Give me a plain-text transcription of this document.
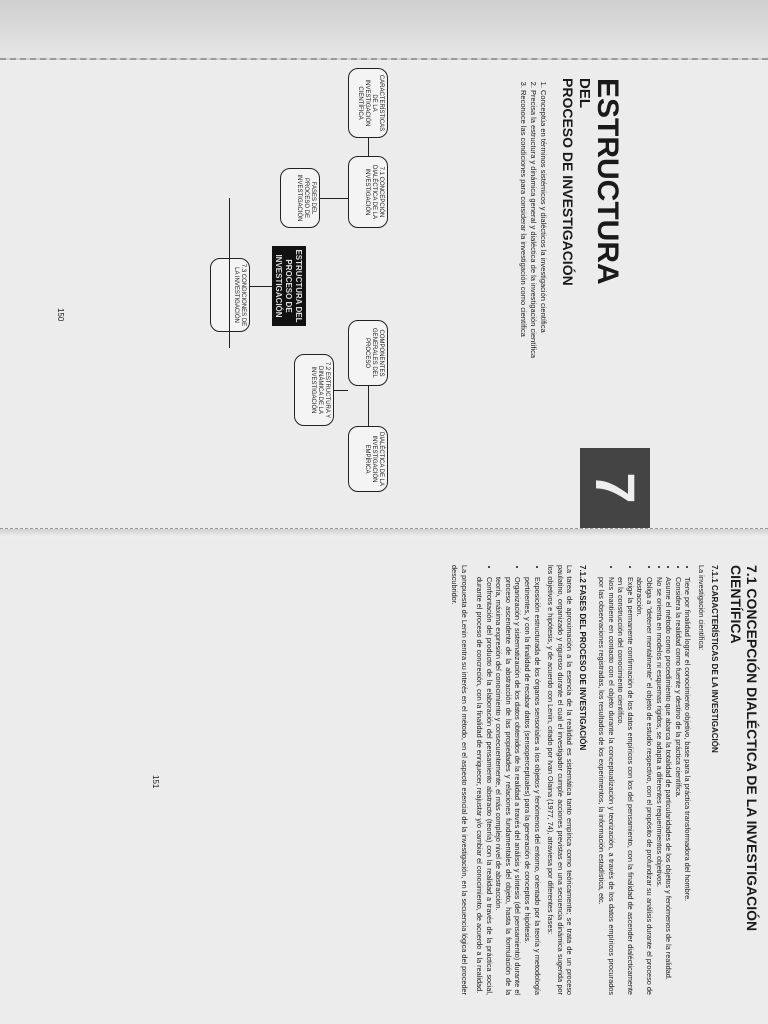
7
ESTRUCTURA
DEL
PROCESO DE INVESTIGACIÓN
1. Conceptúa en términos sistémicos y dialécticos la investigación científica
2. Precisa la estructura y dinámica general y dialéctica de la investigación científica
3. Reconoce las condiciones para considerar la investigación como científica
CARACTERÍSTICAS DE LA INVESTIGACIÓN CIENTÍFICA
7.1 CONCEPCIÓN DIALÉCTICA DE LA INVESTIGACIÓN
FASES DEL PROCESO DE INVESTIGACIÓN
ESTRUCTURA DEL PROCESO DE INVESTIGACIÓN
7.3 CONDICIONES DE LA INVESTIGACIÓN
COMPONENTES GENERALES DEL PROCESO
7.2 ESTRUCTURA Y DINÁMICA DE LA INVESTIGACIÓN
DIALÉCTICA DE LA INVESTIGACIÓN EMPÍRICA
150
7.1 CONCEPCIÓN DIALÉCTICA DE LA INVESTIGACIÓN CIENTÍFICA
7.1.1 CARACTERÍSTICAS DE LA INVESTIGACIÓN

La investigación científica:

• Tiene por finalidad lograr el conocimiento objetivo, base para la práctica transformadora del hombre.
• Considera la realidad como fuente y destino de la práctica científica.
• Asume el método como procedimiento que abarca la totalidad de particularidades de los objetos y fenómenos de la realidad.
• No se orienta en modelos ni esquemas rígidos, se adapta a diferentes requerimientos objetivos.
• Obliga a "detener mentalmente" el objeto de estudio respectivo, con el propósito de profundizar su análisis durante el proceso de abstracción.
• Exige la permanente confirmación de los datos empíricos con los del pensamiento, con la finalidad de ascender dialécticamente en la construcción del conocimiento científico.
• Nos mantiene en contacto con el objeto durante la conceptualización y teorización, a través de los datos empíricos procurados por las observaciones registradas, los resultados de los experimentos, la información estadística, etc.
7.1.2 FASES DEL PROCESO DE INVESTIGACIÓN

La tarea de aproximación a la esencia de la realidad es sistemática tanto empírica como teóricamente; se trata de un proceso paulatino, organizado y riguroso durante el cual el investigador cumple acciones previstas en una secuencia dinámica sugerida por los objetivos e hipótesis, y de acuerdo con Lenin, citado por Ivan Olaina (1977, 74), atraviesa por diferentes fases:

• Exposición estructurada de los órganos sensoriales a los objetos y fenómenos del entorno, orientado por la teoría y metodología pertinentes, y con la finalidad de recabar datos (sensoperceptuales) para la generación de conceptos e hipótesis.
• Organización y sistematización de los datos obtenidos de la realidad a través del análisis y síntesis (del pensamiento) durante el proceso ascendente de la abstracción de las propiedades y relaciones fundamentales del objeto, hasta la formulación de la teoría, máxima expresión del conocimiento y consecuentemente, el más complejo nivel de abstracción.
• Confrontación del producto de la elaboración del pensamiento abstracto (teoría) con la realidad a través de la práctica social, durante el proceso de concreción, con la finalidad de enriquecer, reajustar y/o cambiar el conocimiento, de acuerdo a la realidad.

La propuesta de Lenin centra su interés en el método, en el aspecto esencial de la investigación, en la secuencia lógica del proceder descubridor.

151
